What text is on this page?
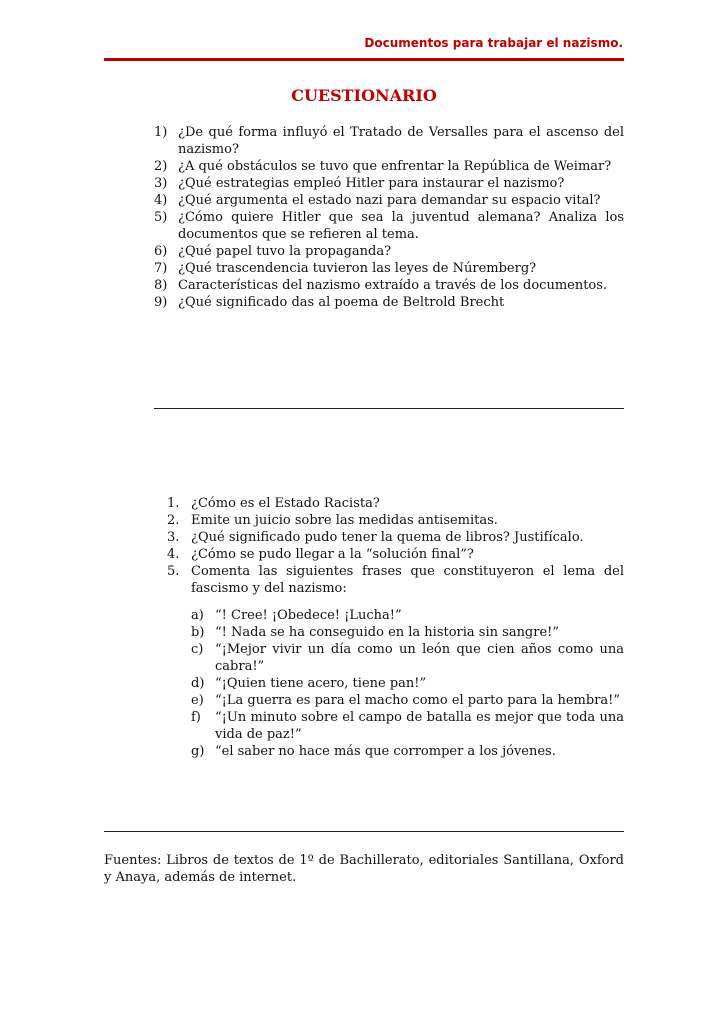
Documentos para trabajar el nazismo.
CUESTIONARIO
1) ¿De qué forma influyó el Tratado de Versalles para el ascenso del nazismo?
2) ¿A qué obstáculos se tuvo que enfrentar la República de Weimar?
3) ¿Qué estrategias empleó Hitler para instaurar el nazismo?
4) ¿Qué argumenta el estado nazi para demandar su espacio vital?
5) ¿Cómo quiere Hitler que sea la juventud alemana? Analiza los documentos que se refieren al tema.
6) ¿Qué papel tuvo la propaganda?
7) ¿Qué trascendencia tuvieron las leyes de Núremberg?
8) Características del nazismo extraído a través de los documentos.
9) ¿Qué significado das al poema de Beltrold Brecht
1. ¿Cómo es el Estado Racista?
2. Emite un juicio sobre las medidas antisemitas.
3. ¿Qué significado pudo tener la quema de libros? Justifícalo.
4. ¿Cómo se pudo llegar a la “solución final”?
5. Comenta las siguientes frases que constituyeron el lema del fascismo y del nazismo:
a) “! Cree! ¡Obedece! ¡Lucha!”
b) “! Nada se ha conseguido en la historia sin sangre!”
c) “¡Mejor vivir un día como un león que cien años como una cabra!”
d) “¡Quien tiene acero, tiene pan!”
e) “¡La guerra es para el macho como el parto para la hembra!”
f) “¡Un minuto sobre el campo de batalla es mejor que toda una vida de paz!”
g) “el saber no hace más que corromper a los jóvenes.
Fuentes: Libros de textos de 1º de Bachillerato, editoriales Santillana, Oxford y Anaya, además de internet.
